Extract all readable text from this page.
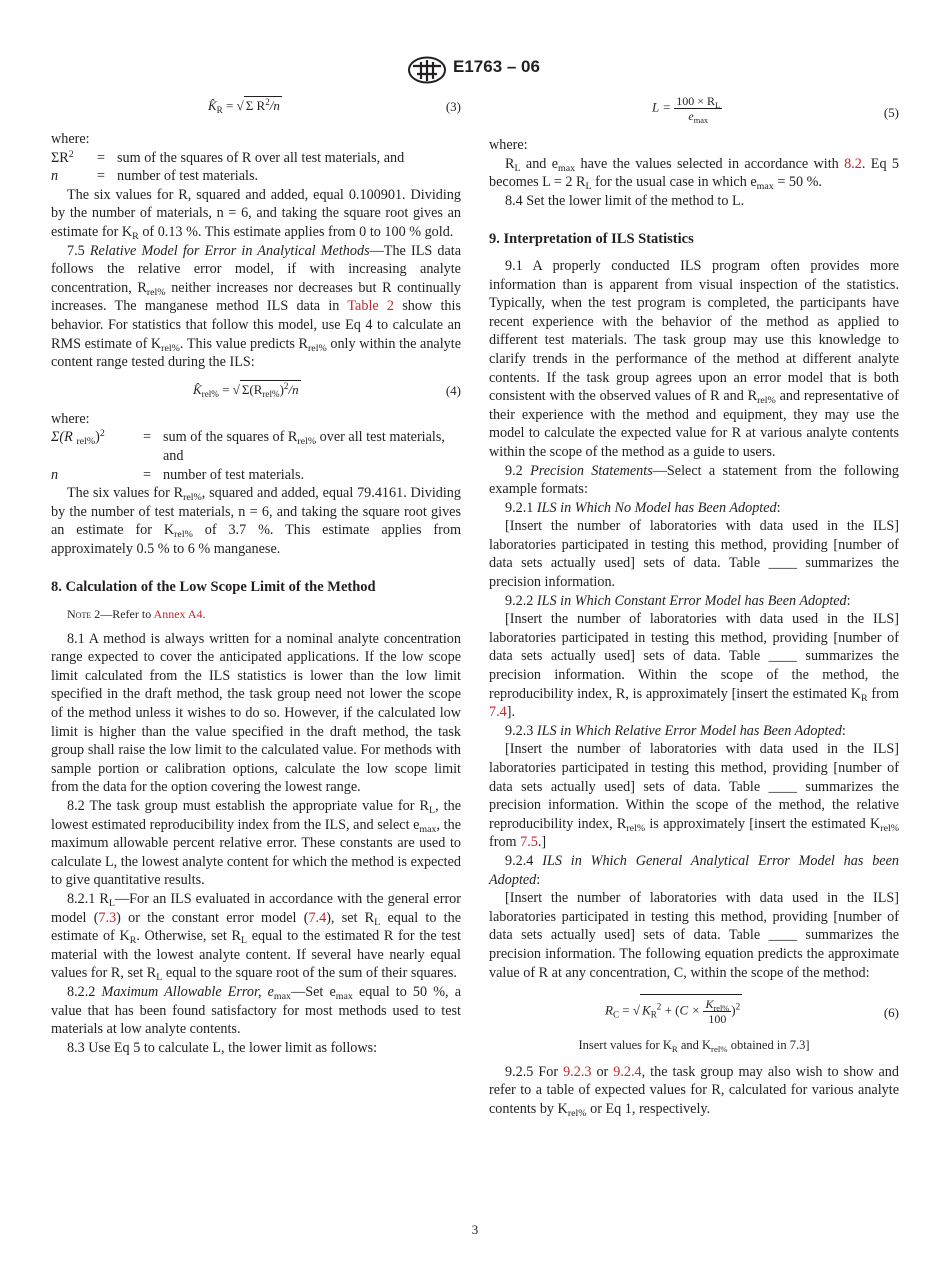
E1763 – 06
$K̂_R$ = √ Σ $R^2/n$	(3)

where:

$\Sigma R^2$	= sum of the squares of R over all test materials, and
n	= number of test materials.

The six values for R, squared and added, equal 0.100901. Dividing by the number of materials, n = 6, and taking the square root gives an estimate for $K_R$ of 0.13 %. This estimate applies from 0 to 100 % gold.

7.5 Relative Model for Error in Analytical Methods—The ILS data follows the relative error model, if with increasing analyte concentration, $R_{rel\%}$ neither increases nor decreases but R continually increases. The manganese method ILS data in Table 2 show this behavior. For statistics that follow this model, use Eq 4 to calculate an RMS estimate of $K_{rel\%}$. This value predicts $R_{rel\%}$ only within the analyte content range tested during the ILS:

$K̂_{rel\%}$ = √ $\Sigma(R_{rel\%})^2/n$	(4)

where:

Σ(R $_{rel\%}$)$^2$	= sum of the squares of $R_{rel\%}$ over all test materials, and
n	= number of test materials.

The six values for $R_{rel\%}$, squared and added, equal 79.4161. Dividing by the number of test materials, n = 6, and taking the square root gives an estimate for $K_{rel\%}$ of 3.7 %. This estimate applies from approximately 0.5 % to 6 % manganese.

8. Calculation of the Low Scope Limit of the Method

Note 2—Refer to Annex A4.

8.1 A method is always written for a nominal analyte concentration range expected to cover the anticipated applications. If the low scope limit calculated from the ILS statistics is lower than the low limit specified in the draft method, the task group need not lower the scope of the method unless it wishes to do so. However, if the calculated low limit is higher than the value specified in the draft method, the task group shall raise the low limit to the calculated value. For methods with sample portion or calibration options, calculate the low scope limit from the data for the option covering the lowest range.

8.2 The task group must establish the appropriate value for $R_L$, the lowest estimated reproducibility index from the ILS, and select $e_{max}$, the maximum allowable percent relative error. These constants are used to calculate L, the lowest analyte content for which the method is expected to give quantitative results.

8.2.1 $R_L—For$ an ILS evaluated in accordance with the general error model (7.3) or the constant error model (7.4), set $R_L$ equal to the estimate of $K_R$. Otherwise, set $R_L$ equal to the estimated R for the test material with the lowest analyte content. If several have nearly equal values for R, set $R_L$ equal to the square root of the sum of their squares.

8.2.2 Maximum Allowable Error, $e_{max}—Set$ $e_{max}$ equal to 50 %, a value that has been found satisfactory for most methods used to test materials at low analyte contents.

8.3 Use Eq 5 to calculate L, the lower limit as follows:

$L = \frac{100 \times R_L}{e_{max}}$	(5)

where:

$R_L$ and $e_{max}$ have the values selected in accordance with 8.2. Eq 5 becomes L = 2 $R_L$ for the usual case in which $e_{max} = 50$ %.

8.4 Set the lower limit of the method to L.

9. Interpretation of ILS Statistics

9.1 A properly conducted ILS program often provides more information than is apparent from visual inspection of the statistics. Typically, when the test program is completed, the participants have recent experience with the behavior of the method as applied to different test materials. The task group may use this knowledge to clarify trends in the performance of the method at different analyte contents. If the task group agrees upon an error model that is both consistent with the observed values of R and $R_{rel\%}$ and representative of their experience with the method and equipment, they may use the model to calculate the expected value for R at various analyte contents within the scope of the method as a guide to users.

9.2 Precision Statements—Select a statement from the following example formats:

9.2.1 ILS in Which No Model has Been Adopted:

[Insert the number of laboratories with data used in the ILS] laboratories participated in testing this method, providing [number of data sets actually used] sets of data. Table ____ summarizes the precision information.

9.2.2 ILS in Which Constant Error Model has Been Adopted:

[Insert the number of laboratories with data used in the ILS] laboratories participated in testing this method, providing [number of data sets actually used] sets of data. Table ____ summarizes the precision information. Within the scope of the method, the reproducibility index, R, is approximately [insert the estimated $K_R$ from 7.4].

9.2.3 ILS in Which Relative Error Model has Been Adopted:

[Insert the number of laboratories with data used in the ILS] laboratories participated in testing this method, providing [number of data sets actually used] sets of data. Table ____ summarizes the precision information. Within the scope of the method, the relative reproducibility index, $R_{rel\%}$ is approximately [insert the estimated $K_{rel\%}$ from 7.5.]

9.2.4 ILS in Which General Analytical Error Model has been Adopted:

[Insert the number of laboratories with data used in the ILS] laboratories participated in testing this method, providing [number of data sets actually used] sets of data. Table ____ summarizes the precision information. The following equation predicts the approximate value of R at any concentration, C, within the scope of the method:

$R_C$ = √ $K_R^2 + (C \times \frac{K_{rel\%}}{100} )^2$	(6)

Insert values for $K_R$ and $K_{rel\%}$ obtained in 7.3]

9.2.5 For 9.2.3 or 9.2.4, the task group may also wish to show and refer to a table of expected values for R, calculated for various analyte contents by $K_{rel\%}$ or Eq 1, respectively.

3
